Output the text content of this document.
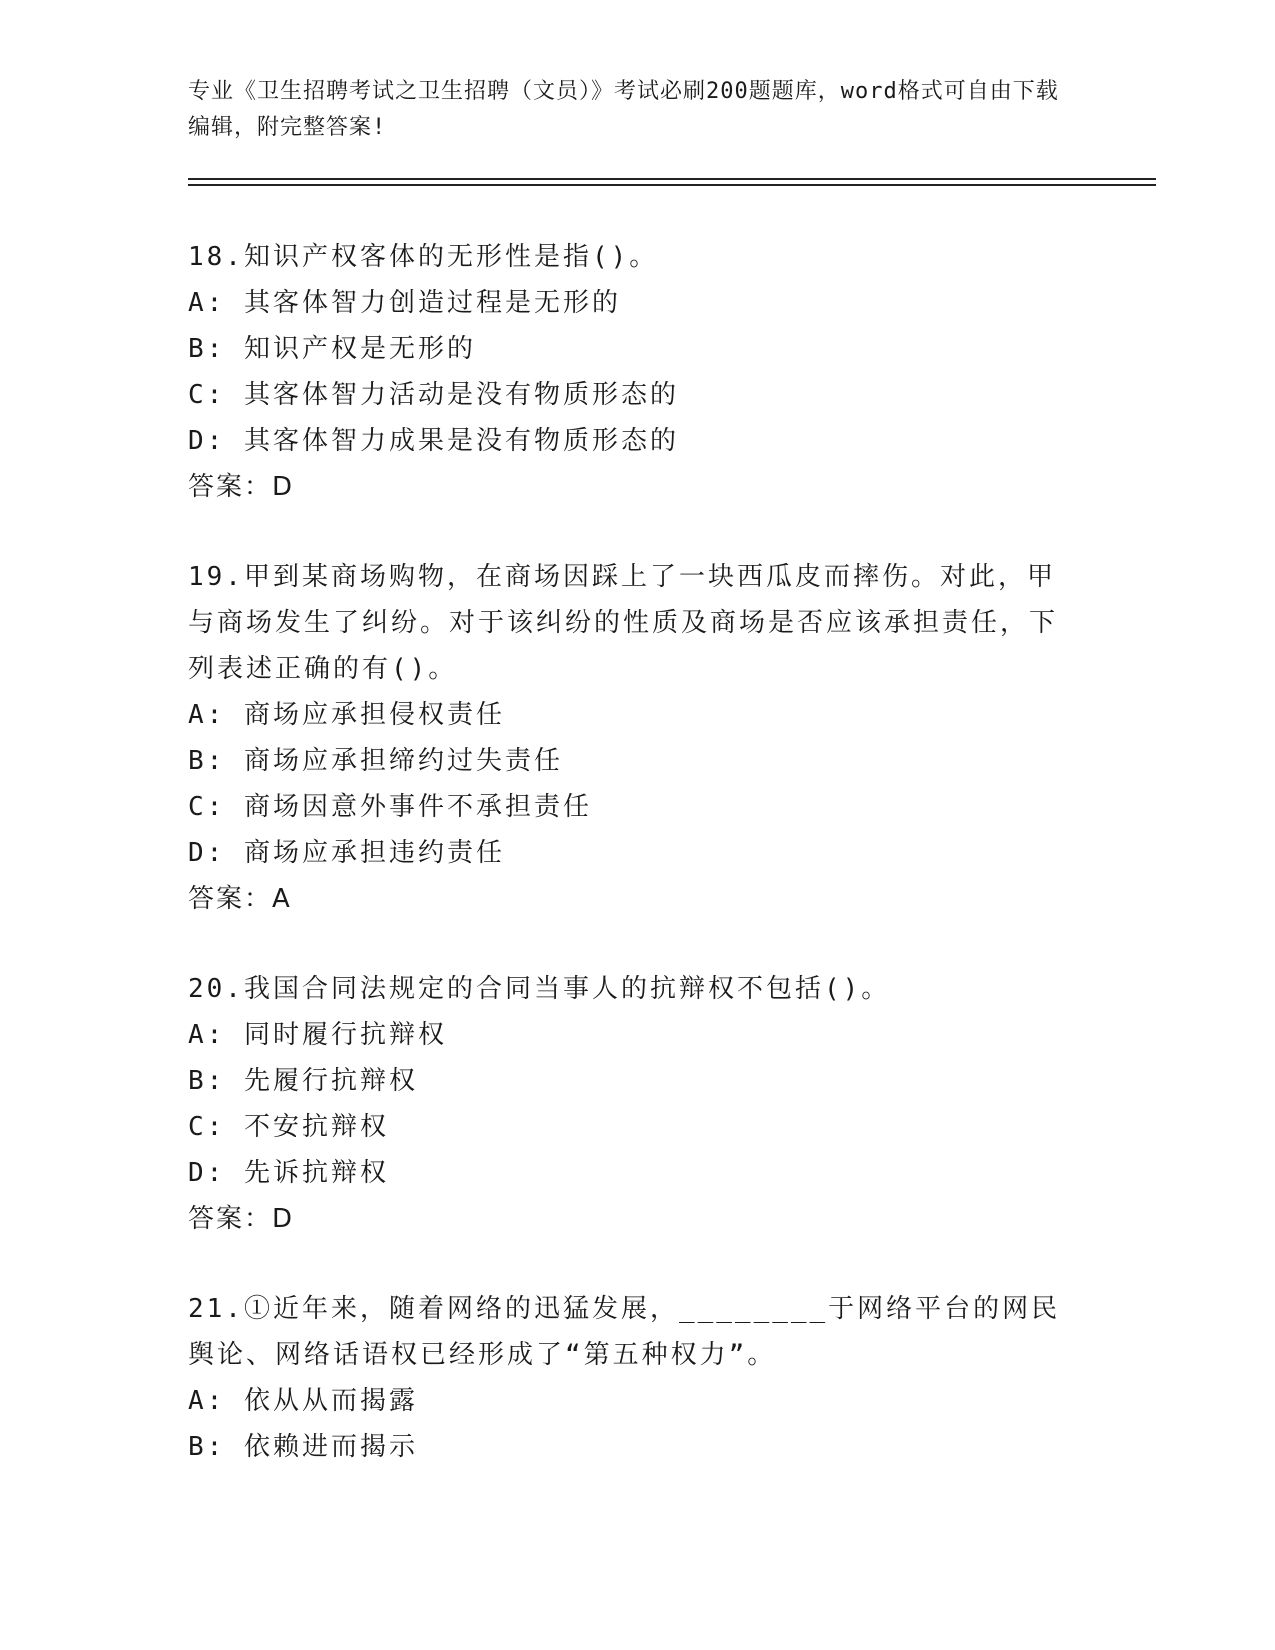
专业《卫生招聘考试之卫生招聘（文员）》考试必刷200题题库，word格式可自由下载编辑，附完整答案!
18.知识产权客体的无形性是指()。
A: 其客体智力创造过程是无形的
B: 知识产权是无形的
C: 其客体智力活动是没有物质形态的
D: 其客体智力成果是没有物质形态的
答案：D
19.甲到某商场购物，在商场因踩上了一块西瓜皮而摔伤。对此，甲与商场发生了纠纷。对于该纠纷的性质及商场是否应该承担责任，下列表述正确的有()。
A: 商场应承担侵权责任
B: 商场应承担缔约过失责任
C: 商场因意外事件不承担责任
D: 商场应承担违约责任
答案：A
20.我国合同法规定的合同当事人的抗辩权不包括()。
A: 同时履行抗辩权
B: 先履行抗辩权
C: 不安抗辩权
D: 先诉抗辩权
答案：D
21.①近年来，随着网络的迅猛发展，________于网络平台的网民舆论、网络话语权已经形成了“第五种权力”。
A: 依从从而揭露
B: 依赖进而揭示
